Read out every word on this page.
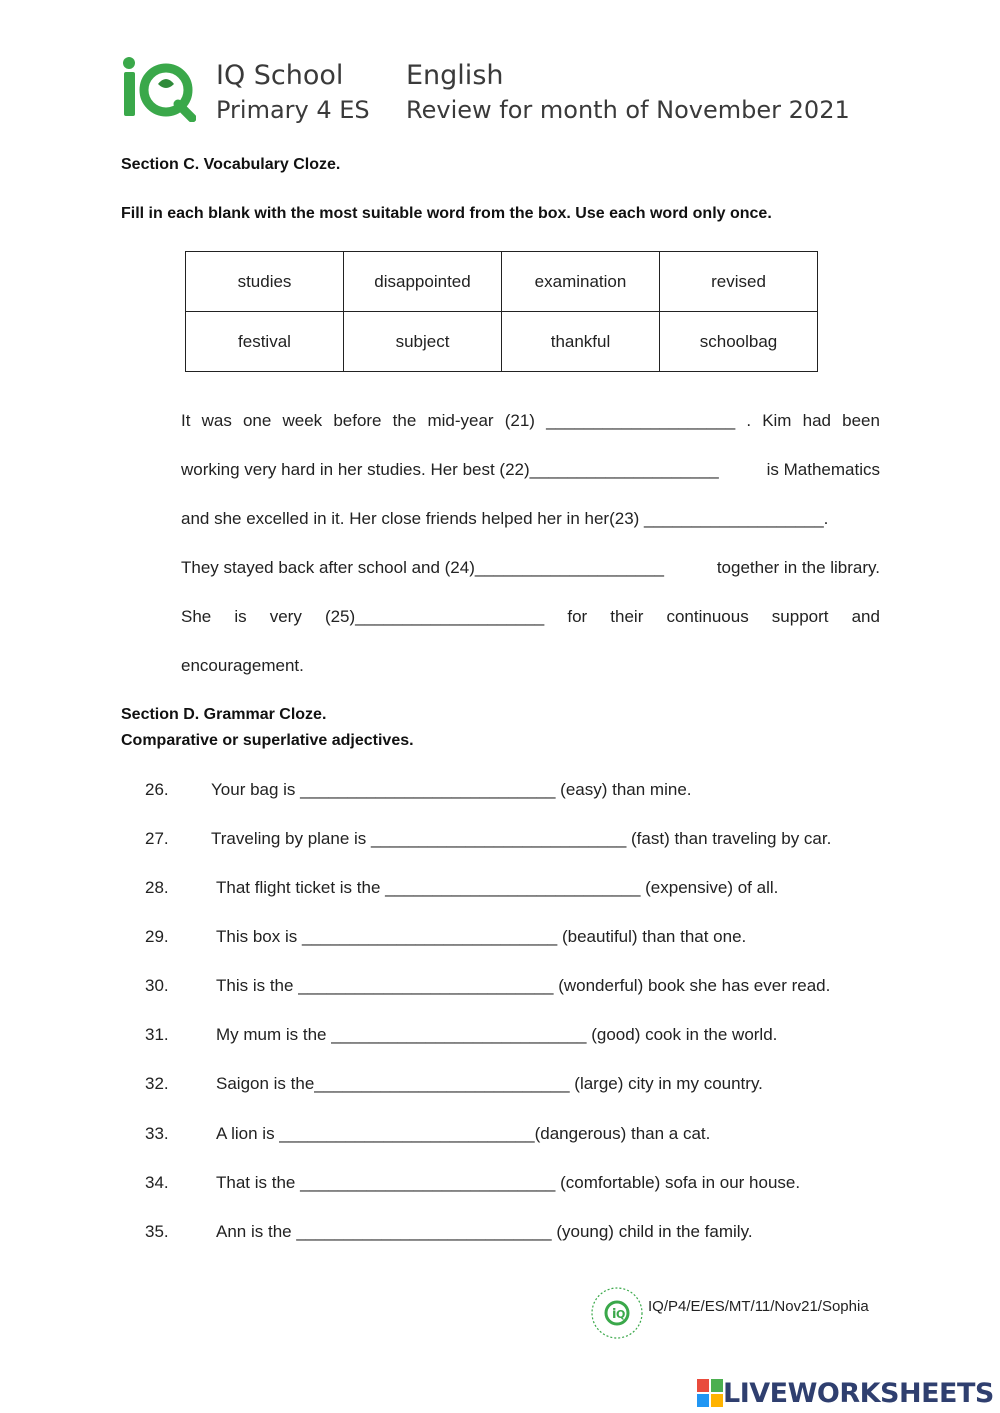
IQ School
Primary 4 ES
English
Review for month of November 2021
Section C. Vocabulary Cloze.
Fill in each blank with the most suitable word from the box. Use each word only once.
studies	disappointed	examination	revised
festival	subject	thankful	schoolbag
It was one week before the mid-year (21) ____________________ . Kim had been
working very hard in her studies. Her best (22)____________________	is Mathematics
and she excelled in it. Her close friends helped her in her(23) ___________________.
They stayed back after school and (24)____________________	together in the library.
She is very (25)____________________ for their continuous support and
encouragement.
Section D. Grammar Cloze.
Comparative or superlative adjectives.
26. Your bag is ___________________________ (easy) than mine.
27. Traveling by plane is ___________________________ (fast) than traveling by car.
28.	That flight ticket is the ___________________________ (expensive) of all.
29.	This box is ___________________________ (beautiful) than that one.
30.	This is the ___________________________ (wonderful) book she has ever read.
31.	My mum is the ___________________________ (good) cook in the world.
32.	Saigon is the___________________________ (large) city in my country.
33.	A lion is ___________________________(dangerous) than a cat.
34.	That is the ___________________________ (comfortable) sofa in our house.
35.	Ann is the ___________________________ (young) child in the family.
i Q IQ/P4/E/ES/MT/11/Nov21/Sophia
LIVEWORKSHEETS
